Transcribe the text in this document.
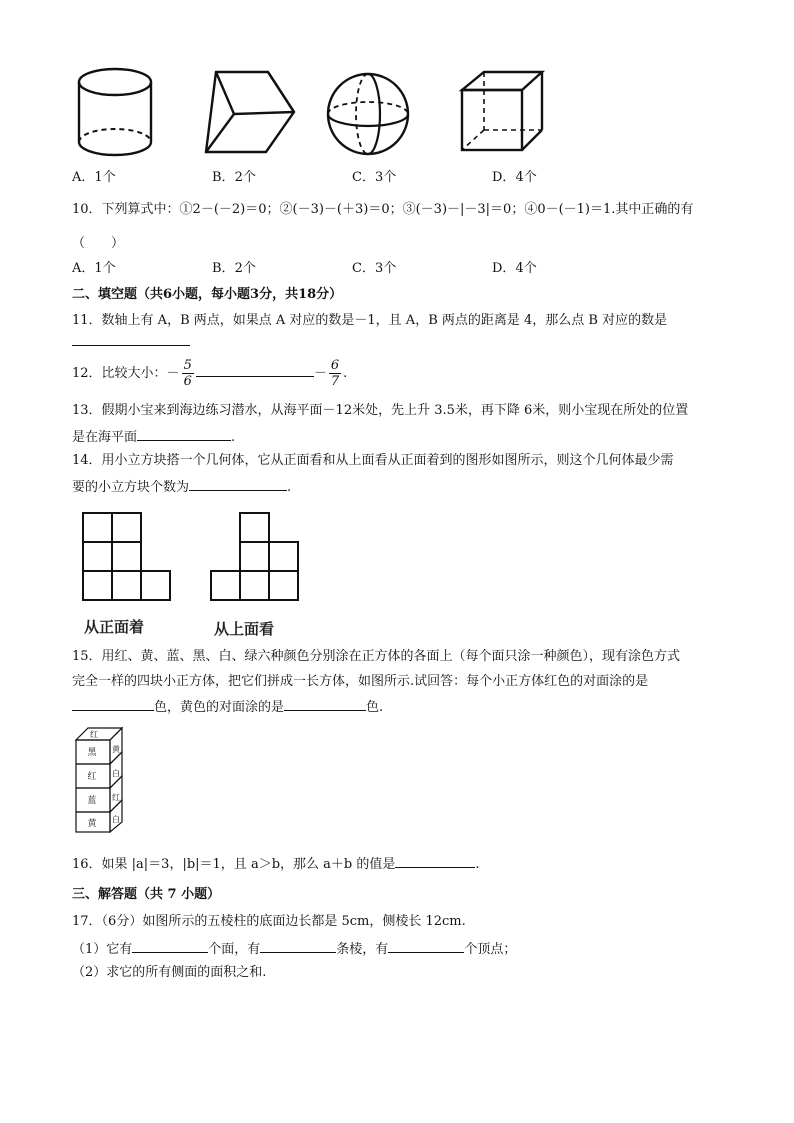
A．1个	B．2个	C．3个	D．4个
10．下列算式中：①2－(－2)＝0；②(－3)－(＋3)＝0；③(－3)－|－3|＝0；④0－(－1)＝1.其中正确的有
（　　）
A．1个	B．2个	C．3个	D．4个
二、填空题（共6小题，每小题3分，共18分）
11．数轴上有 A，B 两点，如果点 A 对应的数是－1，且 A，B 两点的距离是 4，那么点 B 对应的数是
12．比较大小：－ $\frac{5}{6}$	－ $\frac{6}{7}$ .
13．假期小宝来到海边练习潜水，从海平面－12米处，先上升 3.5米，再下降 6米，则小宝现在所处的位置
是在海平面	.
14．用小立方块搭一个几何体，它从正面看和从上面看从正面着到的图形如图所示，则这个几何体最少需
要的小立方块个数为	.
从正面着	从上面看
15．用红、黄、蓝、黑、白、绿六种颜色分别涂在正方体的各面上（每个面只涂一种颜色），现有涂色方式
完全一样的四块小正方体，把它们拼成一长方体，如图所示.试回答：每个小正方体红色的对面涂的是
色，黄色的对面涂的是	色.
红
黑
红
蓝
黄
黄
白
红
白
16．如果 |a|＝3，|b|＝1，且 a＞b，那么 a＋b 的值是	.
三、解答题（共 7 小题）
17．（6分）如图所示的五棱柱的底面边长都是 5cm，侧棱长 12cm.
（1）它有	个面，有	条棱，有	个顶点；
（2）求它的所有侧面的面积之和.
